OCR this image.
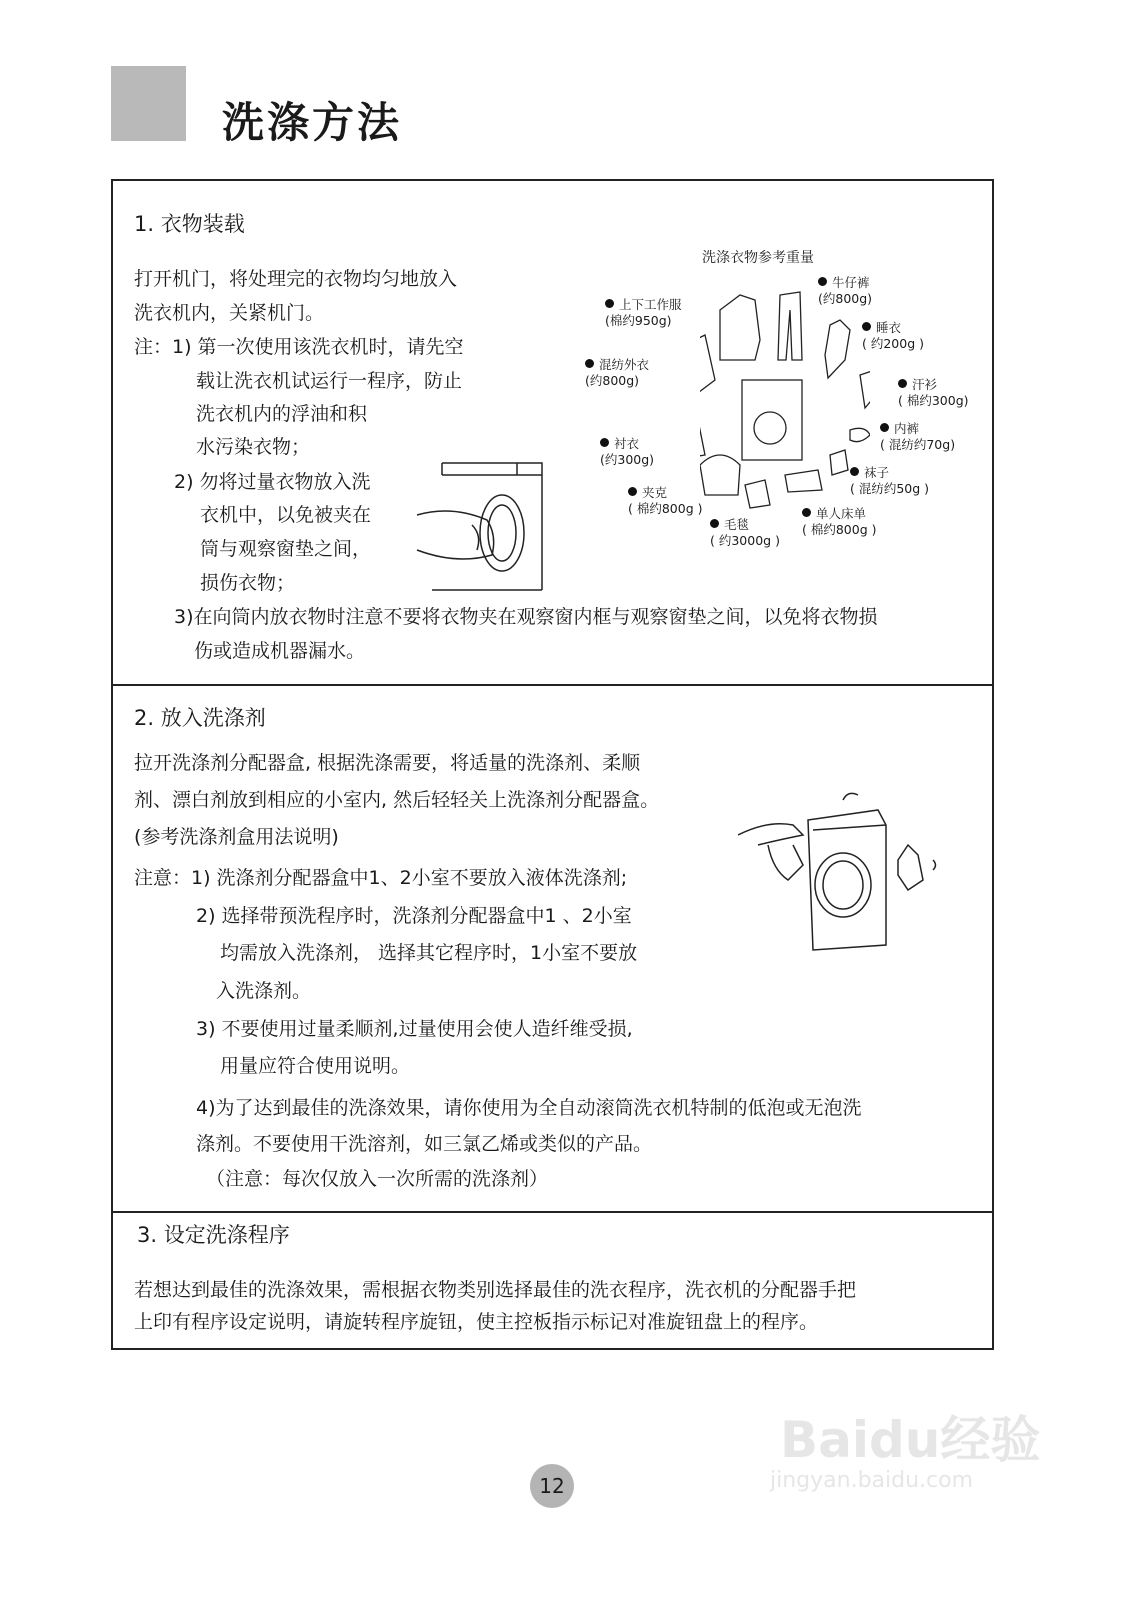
洗涤方法
1. 衣物装载
打开机门，将处理完的衣物均匀地放入
洗衣机内，关紧机门。
注：1) 第一次使用该洗衣机时，请先空
载让洗衣机试运行一程序，防止
洗衣机内的浮油和积
水污染衣物；
2) 勿将过量衣物放入洗
衣机中，以免被夹在
筒与观察窗垫之间，
损伤衣物；
3)在向筒内放衣物时注意不要将衣物夹在观察窗内框与观察窗垫之间，以免将衣物损
伤或造成机器漏水。
洗涤衣物参考重量
牛仔裤
(约800g)
上下工作服
(棉约950g)	睡衣
( 约200g )
混纺外衣
(约800g)	汗衫
( 棉约300g)
内裤
( 混纺约70g)
衬衣
(约300g)
袜子
( 混纺约50g )
夹克
( 棉约800g )	单人床单
( 棉约800g )
毛毯
( 约3000g )
2. 放入洗涤剂
拉开洗涤剂分配器盒, 根据洗涤需要，将适量的洗涤剂、柔顺
剂、漂白剂放到相应的小室内, 然后轻轻关上洗涤剂分配器盒。
(参考洗涤剂盒用法说明)
注意：1) 洗涤剂分配器盒中1、2小室不要放入液体洗涤剂;
2) 选择带预洗程序时，洗涤剂分配器盒中1 、2小室
均需放入洗涤剂， 选择其它程序时，1小室不要放
入洗涤剂。
3) 不要使用过量柔顺剂,过量使用会使人造纤维受损,
用量应符合使用说明。
4)为了达到最佳的洗涤效果，请你使用为全自动滚筒洗衣机特制的低泡或无泡洗
涤剂。不要使用干洗溶剂，如三氯乙烯或类似的产品。
（注意：每次仅放入一次所需的洗涤剂）
3. 设定洗涤程序
若想达到最佳的洗涤效果，需根据衣物类别选择最佳的洗衣程序，洗衣机的分配器手把
上印有程序设定说明，请旋转程序旋钮，使主控板指示标记对准旋钮盘上的程序。
12
Baidu经验
jingyan.baidu.com
